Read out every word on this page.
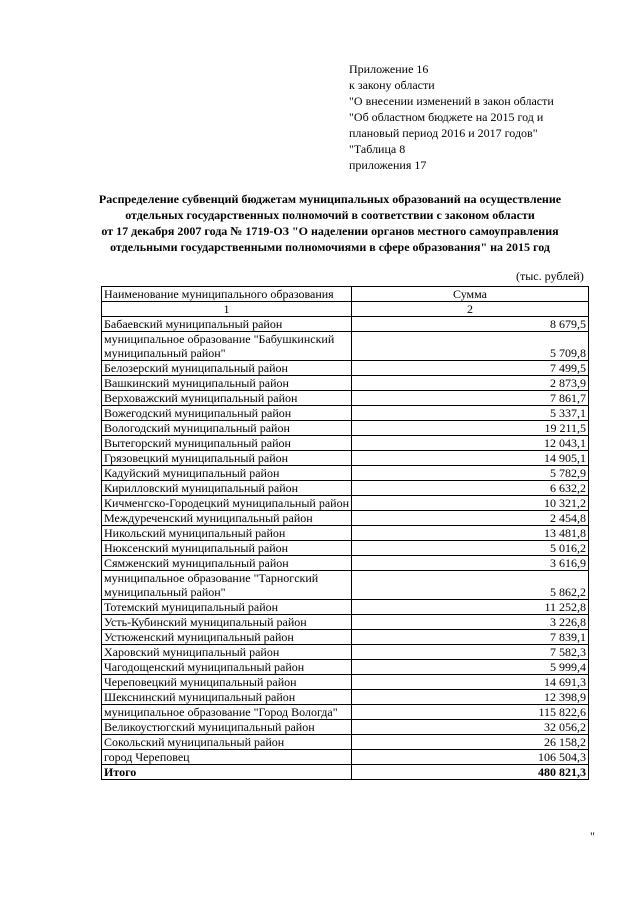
Приложение 16
к закону области
"О внесении изменений в закон области
"Об областном бюджете на 2015 год и
плановый период 2016 и 2017 годов"
"Таблица 8
приложения 17
Распределение субвенций бюджетам муниципальных образований на осуществление
отдельных государственных полномочий в соответствии с законом области
от 17 декабря 2007 года № 1719-ОЗ "О наделении органов местного самоуправления
отдельными государственными полномочиями в сфере образования" на 2015 год
(тыс. рублей)
Наименование муниципального образования	Сумма
1	2
Бабаевский муниципальный район	8 679,5
муниципальное образование "Бабушкинский муниципальный район"	5 709,8
Белозерский муниципальный район	7 499,5
Вашкинский муниципальный район	2 873,9
Верховажский муниципальный район	7 861,7
Вожегодский муниципальный район	5 337,1
Вологодский муниципальный район	19 211,5
Вытегорский муниципальный район	12 043,1
Грязовецкий муниципальный район	14 905,1
Кадуйский муниципальный район	5 782,9
Кирилловский муниципальный район	6 632,2
Кичменгско-Городецкий муниципальный район	10 321,2
Междуреченский муниципальный район	2 454,8
Никольский муниципальный район	13 481,8
Нюксенский муниципальный район	5 016,2
Сямженский муниципальный район	3 616,9
муниципальное образование "Тарногский муниципальный район"	5 862,2
Тотемский муниципальный район	11 252,8
Усть-Кубинский муниципальный район	3 226,8
Устюженский муниципальный район	7 839,1
Харовский муниципальный район	7 582,3
Чагодощенский муниципальный район	5 999,4
Череповецкий муниципальный район	14 691,3
Шекснинский муниципальный район	12 398,9
муниципальное образование "Город Вологда"	115 822,6
Великоустюгский муниципальный район	32 056,2
Сокольский муниципальный район	26 158,2
город Череповец	106 504,3
Итого	480 821,3
"
